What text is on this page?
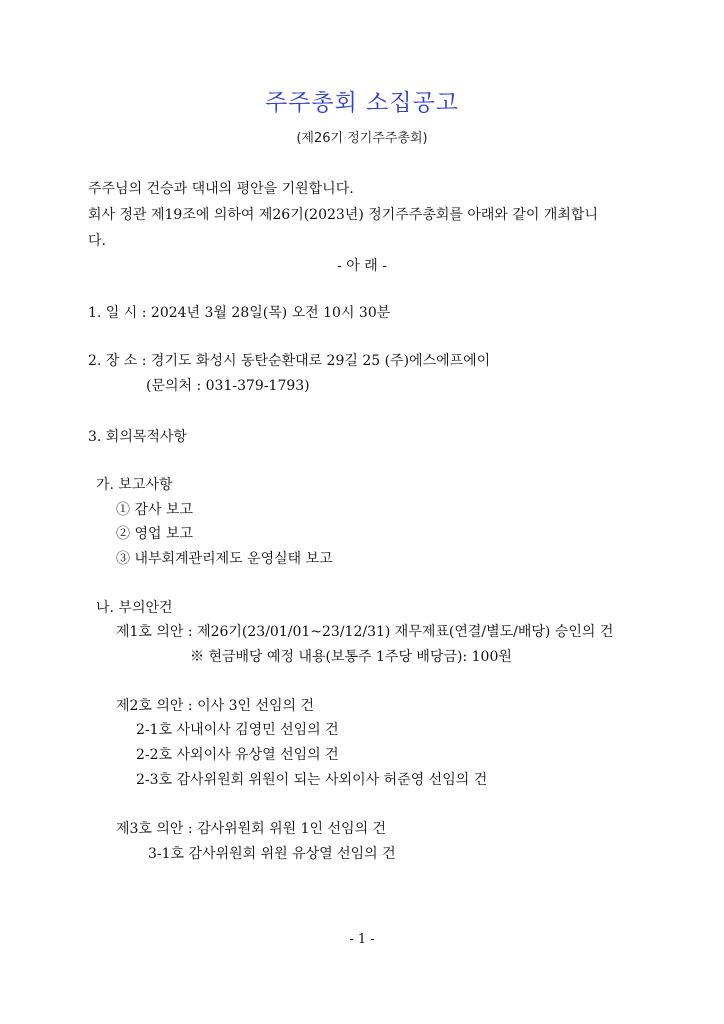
주주총회 소집공고
(제26기 정기주주총회)
주주님의 건승과 댁내의 평안을 기원합니다.
회사 정관 제19조에 의하여 제26기(2023년) 정기주주총회를 아래와 같이 개최합니
다.
- 아 래 -
1. 일 시 : 2024년 3월 28일(목) 오전 10시 30분
2. 장 소 : 경기도 화성시 동탄순환대로 29길 25 (주)에스에프에이
(문의처 : 031-379-1793)
3. 회의목적사항
가. 보고사항
① 감사 보고
② 영업 보고
③ 내부회계관리제도 운영실태 보고
나. 부의안건
제1호 의안 : 제26기(23/01/01~23/12/31) 재무제표(연결/별도/배당) 승인의 건
※ 현금배당 예정 내용(보통주 1주당 배당금): 100원
제2호 의안 : 이사 3인 선임의 건
2-1호 사내이사 김영민 선임의 건
2-2호 사외이사 유상열 선임의 건
2-3호 감사위원회 위원이 되는 사외이사 허준영 선임의 건
제3호 의안 : 감사위원회 위원 1인 선임의 건
3-1호 감사위원회 위원 유상열 선임의 건
- 1 -
